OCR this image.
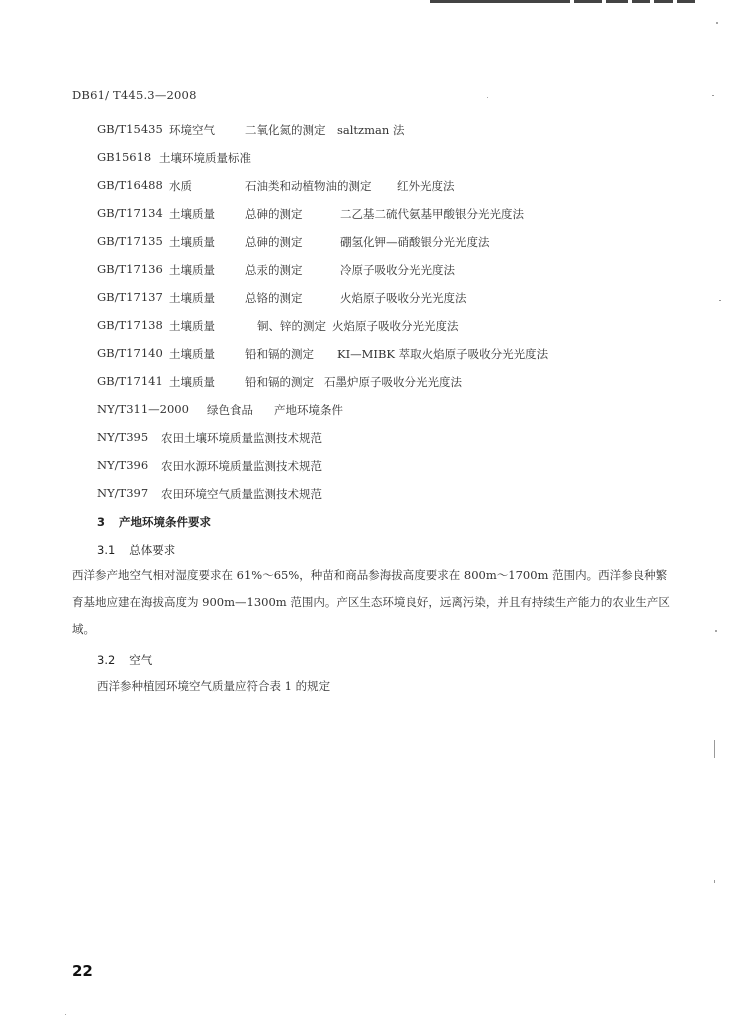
DB61/ T445.3—2008
GB/T15435 环境空气	二氧化氮的测定 saltzman 法
GB15618 土壤环境质量标准
GB/T16488 水质	石油类和动植物油的测定 红外光度法
GB/T17134 土壤质量	总砷的测定	二乙基二硫代氨基甲酸银分光光度法
GB/T17135 土壤质量	总砷的测定	硼氢化钾—硝酸银分光光度法
GB/T17136 土壤质量	总汞的测定	冷原子吸收分光光度法
GB/T17137 土壤质量	总铬的测定	火焰原子吸收分光光度法
GB/T17138 土壤质量	铜、锌的测定 火焰原子吸收分光光度法
GB/T17140 土壤质量	铅和镉的测定 KI—MIBK 萃取火焰原子吸收分光光度法
GB/T17141 土壤质量	铅和镉的测定 石墨炉原子吸收分光光度法
NY/T311—2000 绿色食品 产地环境条件
NY/T395 农田土壤环境质量监测技术规范
NY/T396 农田水源环境质量监测技术规范
NY/T397 农田环境空气质量监测技术规范
3 产地环境条件要求
3.1 总体要求
西洋参产地空气相对湿度要求在 61%～65%，种苗和商品参海拔高度要求在 800m～1700m 范围内。西洋参良种繁育基地应建在海拔高度为 900m—1300m 范围内。产区生态环境良好，远离污染，并且有持续生产能力的农业生产区域。
3.2 空气
西洋参种植园环境空气质量应符合表 1 的规定
22
